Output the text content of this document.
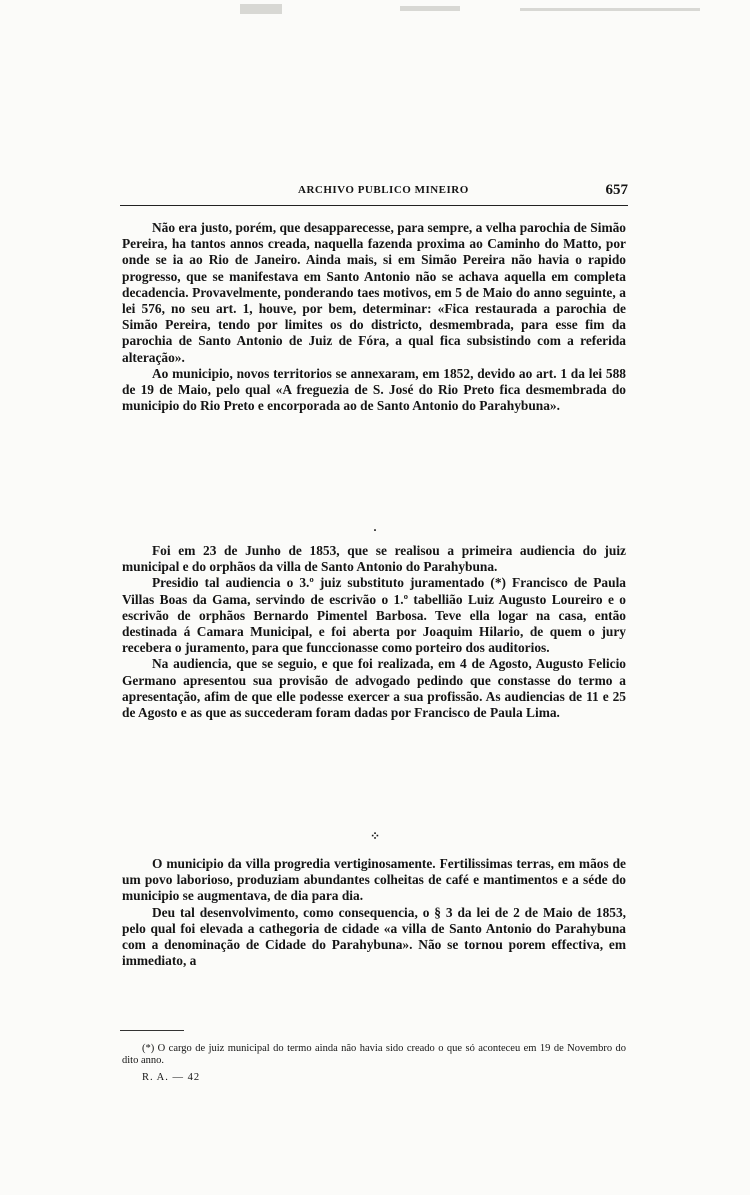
ARCHIVO PUBLICO MINEIRO	657

Não era justo, porém, que desapparecesse, para sempre, a velha parochia de Simão Pereira, ha tantos annos creada, naquella fazenda proxima ao Caminho do Matto, por onde se ia ao Rio de Janeiro. Ainda mais, si em Simão Pereira não havia o rapido progresso, que se manifestava em Santo Antonio não se achava aquella em completa decadencia. Provavelmente, ponderando taes motivos, em 5 de Maio do anno seguinte, a lei 576, no seu art. 1, houve, por bem, determinar: «Fica restaurada a parochia de Simão Pereira, tendo por limites os do districto, desmembrada, para esse fim da parochia de Santo Antonio de Juiz de Fóra, a qual fica subsistindo com a referida alteração».

Ao municipio, novos territorios se annexaram, em 1852, devido ao art. 1 da lei 588 de 19 de Maio, pelo qual «A freguezia de S. José do Rio Preto fica desmembrada do municipio do Rio Preto e encorporada ao de Santo Antonio do Parahybuna».

·

Foi em 23 de Junho de 1853, que se realisou a primeira audiencia do juiz municipal e do orphãos da villa de Santo Antonio do Parahybuna.

Presidio tal audiencia o 3.º juiz substituto juramentado (*) Francisco de Paula Villas Boas da Gama, servindo de escrivão o 1.º tabellião Luiz Augusto Loureiro e o escrivão de orphãos Bernardo Pimentel Barbosa. Teve ella logar na casa, então destinada á Camara Municipal, e foi aberta por Joaquim Hilario, de quem o jury recebera o juramento, para que funccionasse como porteiro dos auditorios.

Na audiencia, que se seguio, e que foi realizada, em 4 de Agosto, Augusto Felicio Germano apresentou sua provisão de advogado pedindo que constasse do termo a apresentação, afim de que elle podesse exercer a sua profissão. As audiencias de 11 e 25 de Agosto e as que as succederam foram dadas por Francisco de Paula Lima.

⁘

O municipio da villa progredia vertiginosamente. Fertilissimas terras, em mãos de um povo laborioso, produziam abundantes colheitas de café e mantimentos e a séde do municipio se augmentava, de dia para dia.

Deu tal desenvolvimento, como consequencia, o § 3 da lei de 2 de Maio de 1853, pelo qual foi elevada a cathegoria de cidade «a villa de Santo Antonio do Parahybuna com a denominação de Cidade do Parahybuna». Não se tornou porem effectiva, em immediato, a

(*) O cargo de juiz municipal do termo ainda não havia sido creado o que só aconteceu em 19 de Novembro do dito anno.

R. A. — 42
